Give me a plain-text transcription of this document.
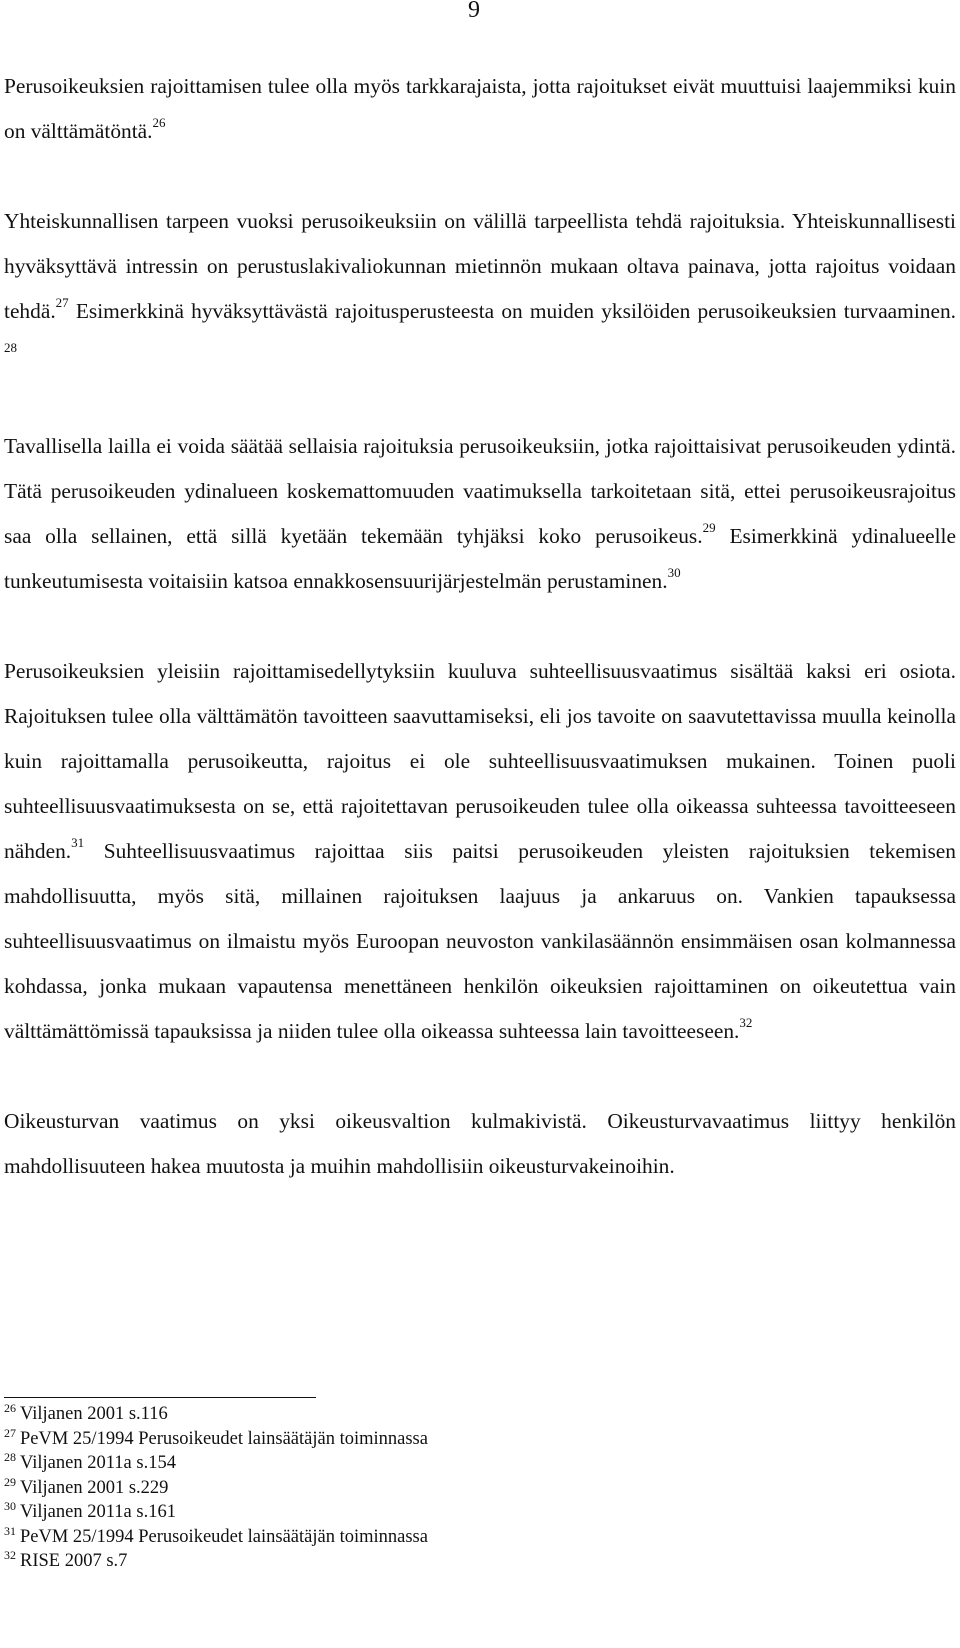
9

Perusoikeuksien rajoittamisen tulee olla myös tarkkarajaista, jotta rajoitukset eivät muuttuisi laajemmiksi kuin on välttämätöntä.$^{26}$

Yhteiskunnallisen tarpeen vuoksi perusoikeuksiin on välillä tarpeellista tehdä rajoituksia. Yhteiskunnallisesti hyväksyttävä intressin on perustuslakivaliokunnan mietinnön mukaan oltava painava, jotta rajoitus voidaan tehdä.$^{27}$ Esimerkkinä hyväksyttävästä rajoitusperusteesta on muiden yksilöiden perusoikeuksien turvaaminen. $^{28}$

Tavallisella lailla ei voida säätää sellaisia rajoituksia perusoikeuksiin, jotka rajoittaisivat perusoikeuden ydintä. Tätä perusoikeuden ydinalueen koskemattomuuden vaatimuksella tarkoitetaan sitä, ettei perusoikeusrajoitus saa olla sellainen, että sillä kyetään tekemään tyhjäksi koko perusoikeus.$^{29}$ Esimerkkinä ydinalueelle tunkeutumisesta voitaisiin katsoa ennakkosensuurijärjestelmän perustaminen.$^{30}$

Perusoikeuksien yleisiin rajoittamisedellytyksiin kuuluva suhteellisuusvaatimus sisältää kaksi eri osiota. Rajoituksen tulee olla välttämätön tavoitteen saavuttamiseksi, eli jos tavoite on saavutettavissa muulla keinolla kuin rajoittamalla perusoikeutta, rajoitus ei ole suhteellisuusvaatimuksen mukainen. Toinen puoli suhteellisuusvaatimuksesta on se, että rajoitettavan perusoikeuden tulee olla oikeassa suhteessa tavoitteeseen nähden.$^{31}$ Suhteellisuusvaatimus rajoittaa siis paitsi perusoikeuden yleisten rajoituksien tekemisen mahdollisuutta, myös sitä, millainen rajoituksen laajuus ja ankaruus on. Vankien tapauksessa suhteellisuusvaatimus on ilmaistu myös Euroopan neuvoston vankilasäännön ensimmäisen osan kolmannessa kohdassa, jonka mukaan vapautensa menettäneen henkilön oikeuksien rajoittaminen on oikeutettua vain välttämättömissä tapauksissa ja niiden tulee olla oikeassa suhteessa lain tavoitteeseen.$^{32}$

Oikeusturvan vaatimus on yksi oikeusvaltion kulmakivistä. Oikeusturvavaatimus liittyy henkilön mahdollisuuteen hakea muutosta ja muihin mahdollisiin oikeusturvakeinoihin.

$^{26}$ Viljanen 2001 s.116
$^{27}$ PeVM 25/1994 Perusoikeudet lainsäätäjän toiminnassa
$^{28}$ Viljanen 2011a s.154
$^{29}$ Viljanen 2001 s.229
$^{30}$ Viljanen 2011a s.161
$^{31}$ PeVM 25/1994 Perusoikeudet lainsäätäjän toiminnassa
$^{32}$ RISE 2007 s.7
